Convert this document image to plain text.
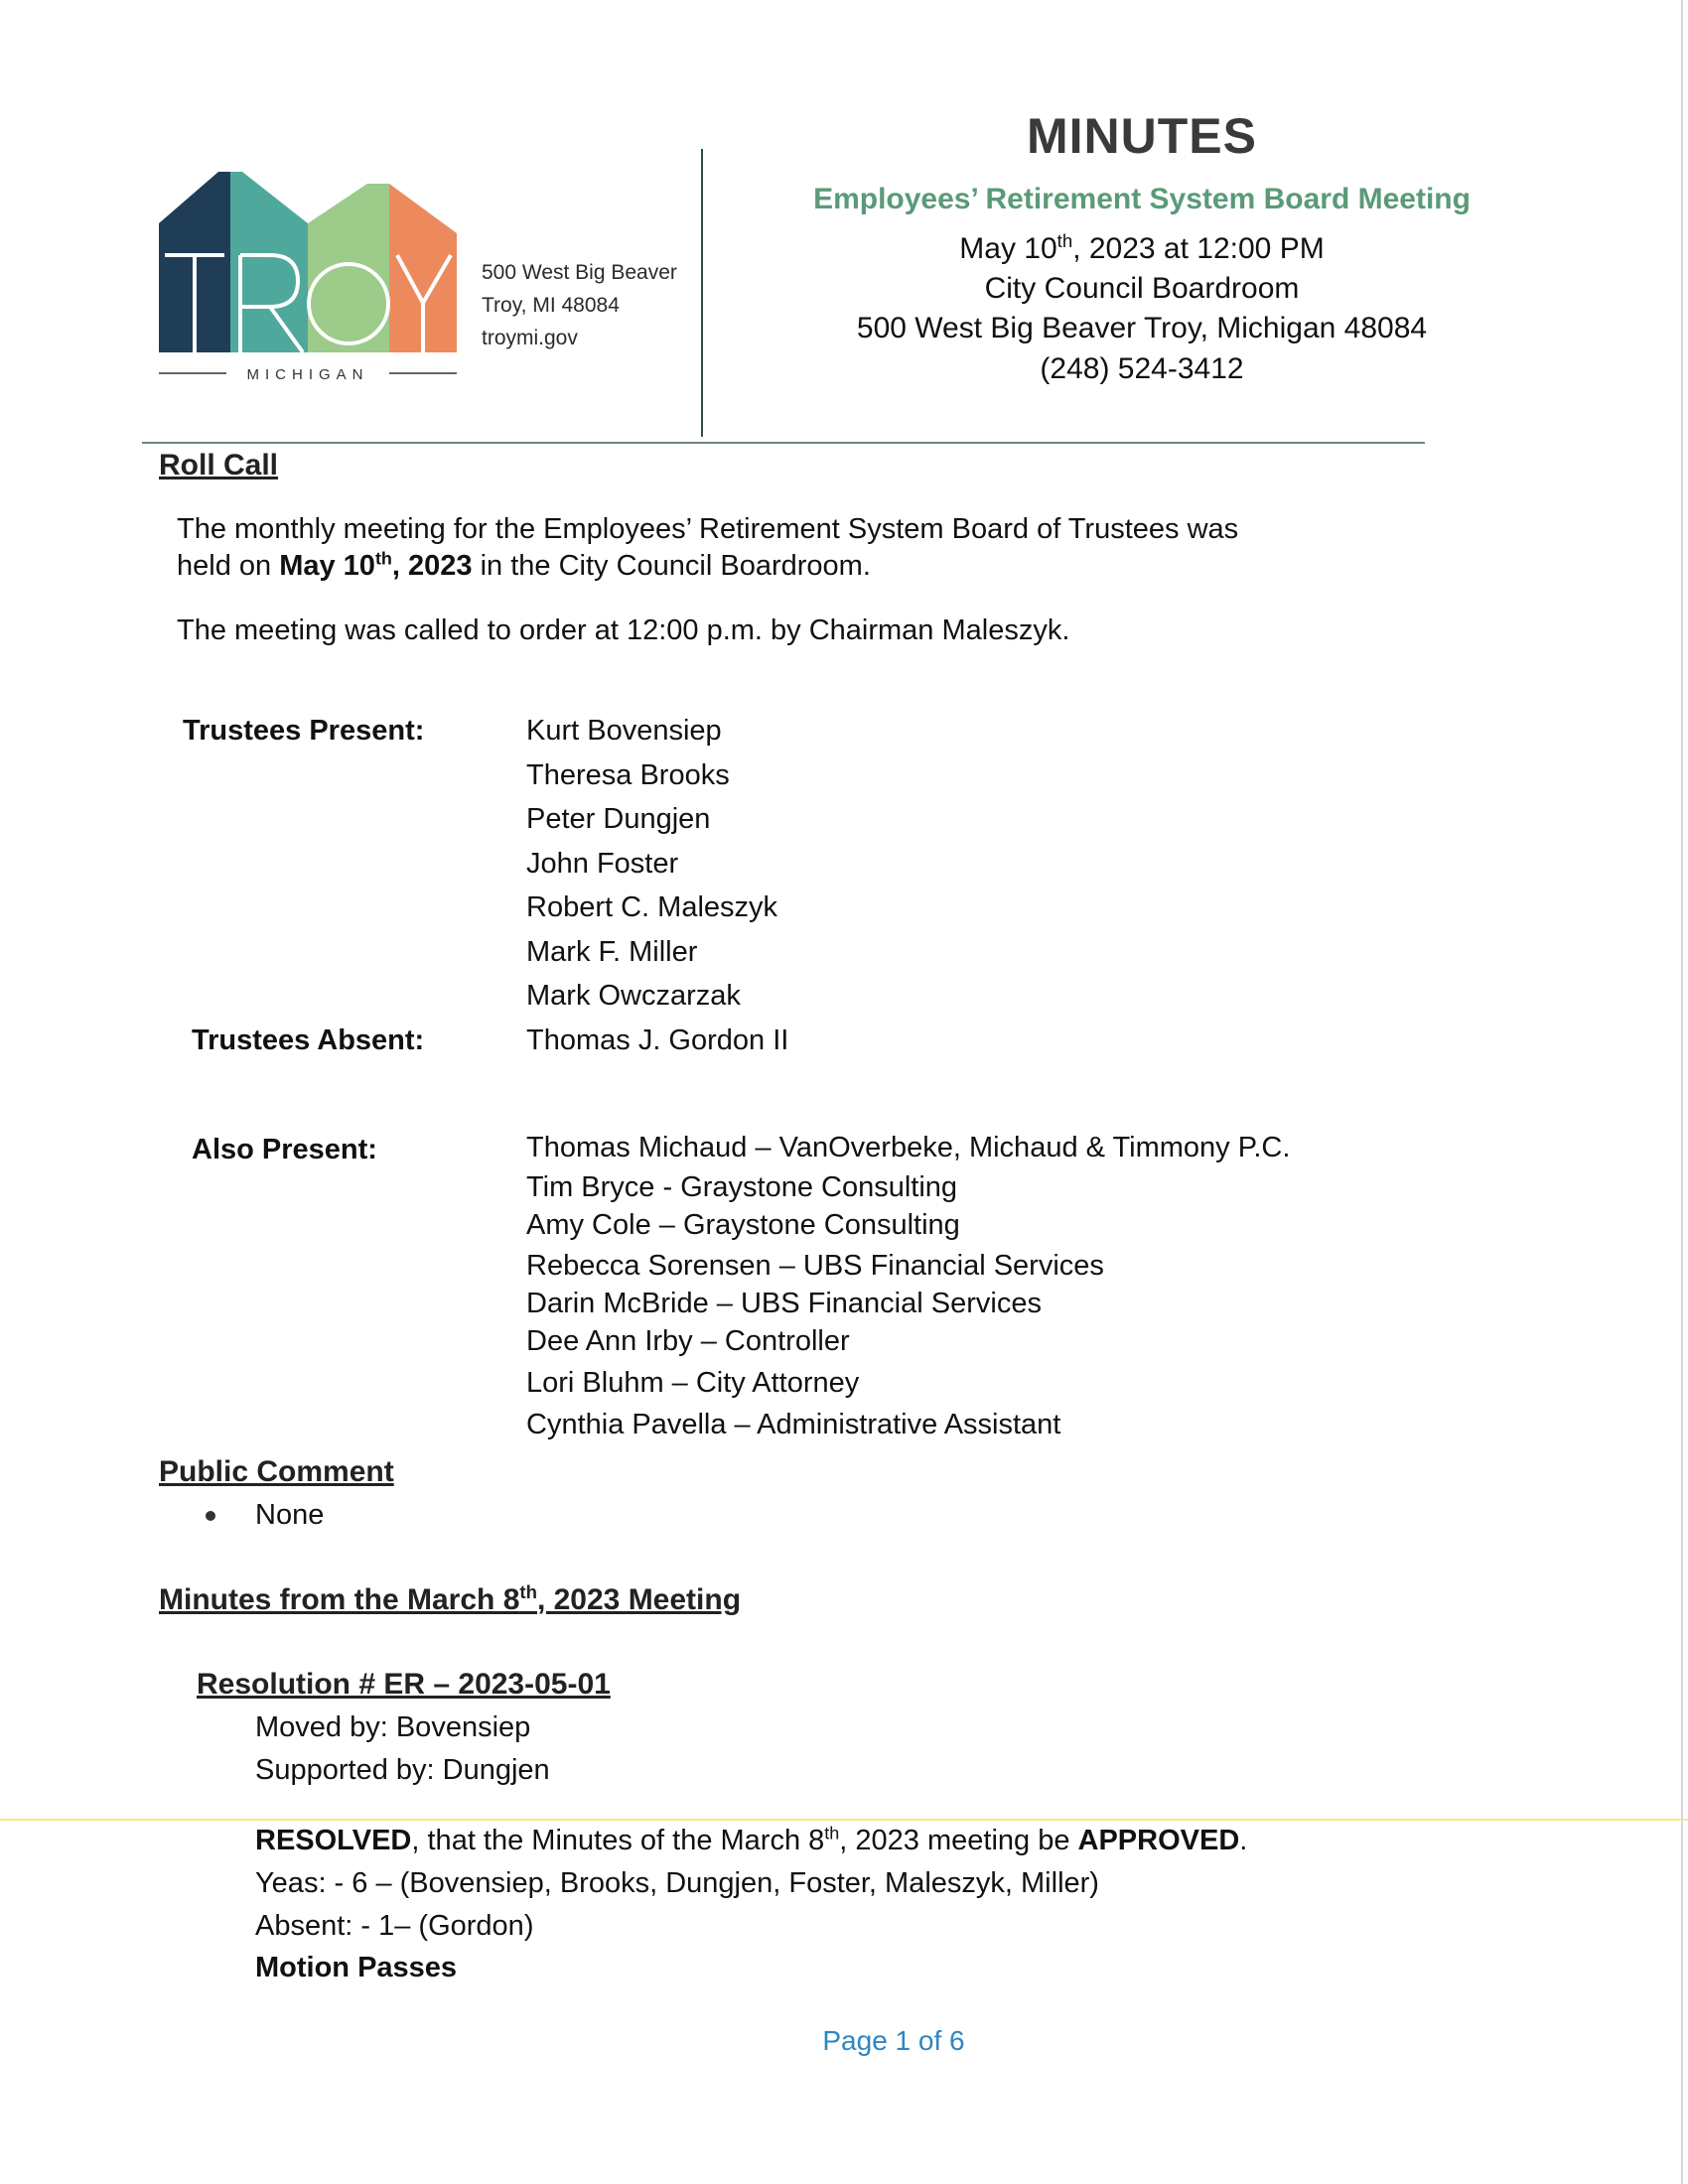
MICHIGAN
500 West Big Beaver
Troy, MI 48084
troymi.gov
MINUTES
Employees’ Retirement System Board Meeting
May 10th, 2023 at 12:00 PM
City Council Boardroom
500 West Big Beaver Troy, Michigan 48084
(248) 524-3412
Roll Call
The monthly meeting for the Employees’ Retirement System Board of Trustees was
held on May 10th, 2023 in the City Council Boardroom.
The meeting was called to order at 12:00 p.m. by Chairman Maleszyk.
Trustees Present:	Kurt Bovensiep
Theresa Brooks
Peter Dungjen
John Foster
Robert C. Maleszyk
Mark F. Miller
Mark Owczarzak
Trustees Absent:	Thomas J. Gordon II
Also Present:	Thomas Michaud – VanOverbeke, Michaud & Timmony P.C.
Tim Bryce - Graystone Consulting
Amy Cole – Graystone Consulting
Rebecca Sorensen – UBS Financial Services
Darin McBride – UBS Financial Services
Dee Ann Irby – Controller
Lori Bluhm – City Attorney
Cynthia Pavella – Administrative Assistant
Public Comment
None
Minutes from the March 8th, 2023 Meeting
Resolution # ER – 2023-05-01
Moved by: Bovensiep
Supported by: Dungjen
RESOLVED, that the Minutes of the March 8th, 2023 meeting be APPROVED.
Yeas: - 6 – (Bovensiep, Brooks, Dungjen, Foster, Maleszyk, Miller)
Absent: - 1– (Gordon)
Motion Passes
Page 1 of 6
